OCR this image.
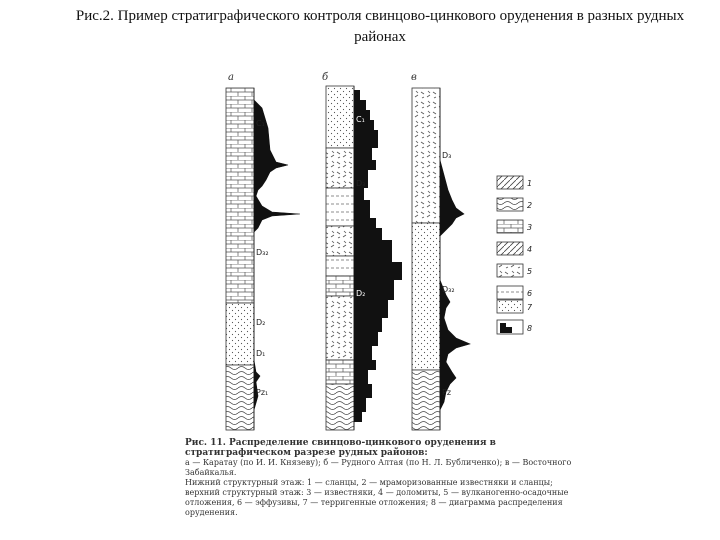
Рис.2. Пример стратиграфического контроля свинцово-цинкового оруденения в разных рудных районах
а
C₁
D₃₂
D₂
D₁
Pz₁
б
C₁
D₃
D₂
в
D₃
D₃₂
Pz
1
2
3
4
5
6
7
8
Рис. 11. Распределение свинцово-цинкового оруденения в стратиграфическом разрезе рудных районов:
а — Каратау (по И. И. Князеву); б — Рудного Алтая (по Н. Л. Бубличенко); в — Восточного Забайкалья.
Нижний структурный этаж: 1 — сланцы, 2 — мраморизованные известняки и сланцы;
верхний структурный этаж: 3 — известняки, 4 — доломиты, 5 — вулканогенно-осадочные
отложения, 6 — эффузивы, 7 — терригенные отложения; 8 — диаграмма распределения
оруденения.
